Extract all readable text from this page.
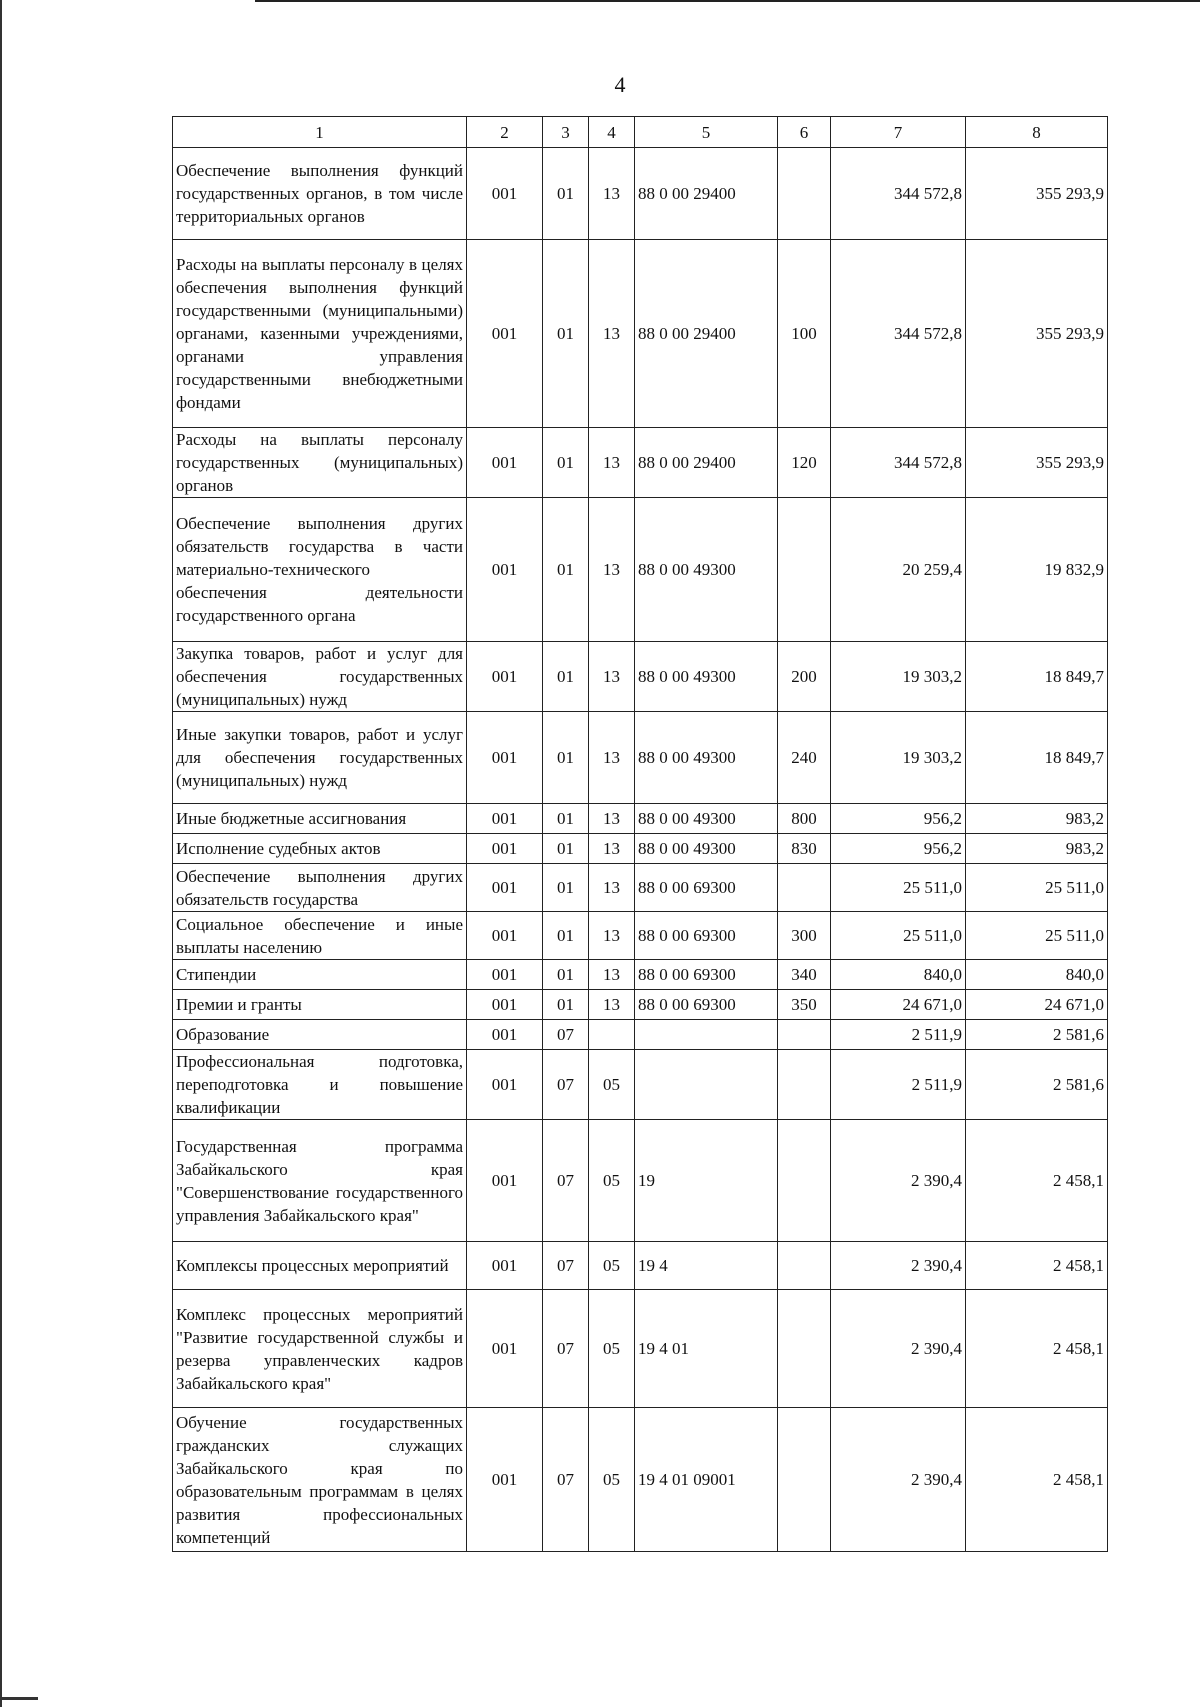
4
1	2	3	4	5	6	7	8
Обеспечение выполнения функций государственных органов, в том числе территориальных органов	001	01	13	88 0 00 29400		344 572,8	355 293,9
Расходы на выплаты персоналу в целях обеспечения выполнения функций государственными (муниципальными) органами, казенными учреждениями, органами управления государственными внебюджетными фондами	001	01	13	88 0 00 29400	100	344 572,8	355 293,9
Расходы на выплаты персоналу государственных (муниципальных) органов	001	01	13	88 0 00 29400	120	344 572,8	355 293,9
Обеспечение выполнения других обязательств государства в части материально-технического обеспечения деятельности государственного органа	001	01	13	88 0 00 49300		20 259,4	19 832,9
Закупка товаров, работ и услуг для обеспечения государственных (муниципальных) нужд	001	01	13	88 0 00 49300	200	19 303,2	18 849,7
Иные закупки товаров, работ и услуг для обеспечения государственных (муниципальных) нужд	001	01	13	88 0 00 49300	240	19 303,2	18 849,7
Иные бюджетные ассигнования	001	01	13	88 0 00 49300	800	956,2	983,2
Исполнение судебных актов	001	01	13	88 0 00 49300	830	956,2	983,2
Обеспечение выполнения других обязательств государства	001	01	13	88 0 00 69300		25 511,0	25 511,0
Социальное обеспечение и иные выплаты населению	001	01	13	88 0 00 69300	300	25 511,0	25 511,0
Стипендии	001	01	13	88 0 00 69300	340	840,0	840,0
Премии и гранты	001	01	13	88 0 00 69300	350	24 671,0	24 671,0
Образование	001	07				2 511,9	2 581,6
Профессиональная подготовка, переподготовка и повышение квалификации	001	07	05			2 511,9	2 581,6
Государственная программа Забайкальского края "Совершенствование государственного управления Забайкальского края"	001	07	05	19		2 390,4	2 458,1
Комплексы процессных мероприятий	001	07	05	19 4		2 390,4	2 458,1
Комплекс процессных мероприятий "Развитие государственной службы и резерва управленческих кадров Забайкальского края"	001	07	05	19 4 01		2 390,4	2 458,1
Обучение государственных гражданских служащих Забайкальского края по образовательным программам в целях развития профессиональных компетенций	001	07	05	19 4 01 09001		2 390,4	2 458,1
